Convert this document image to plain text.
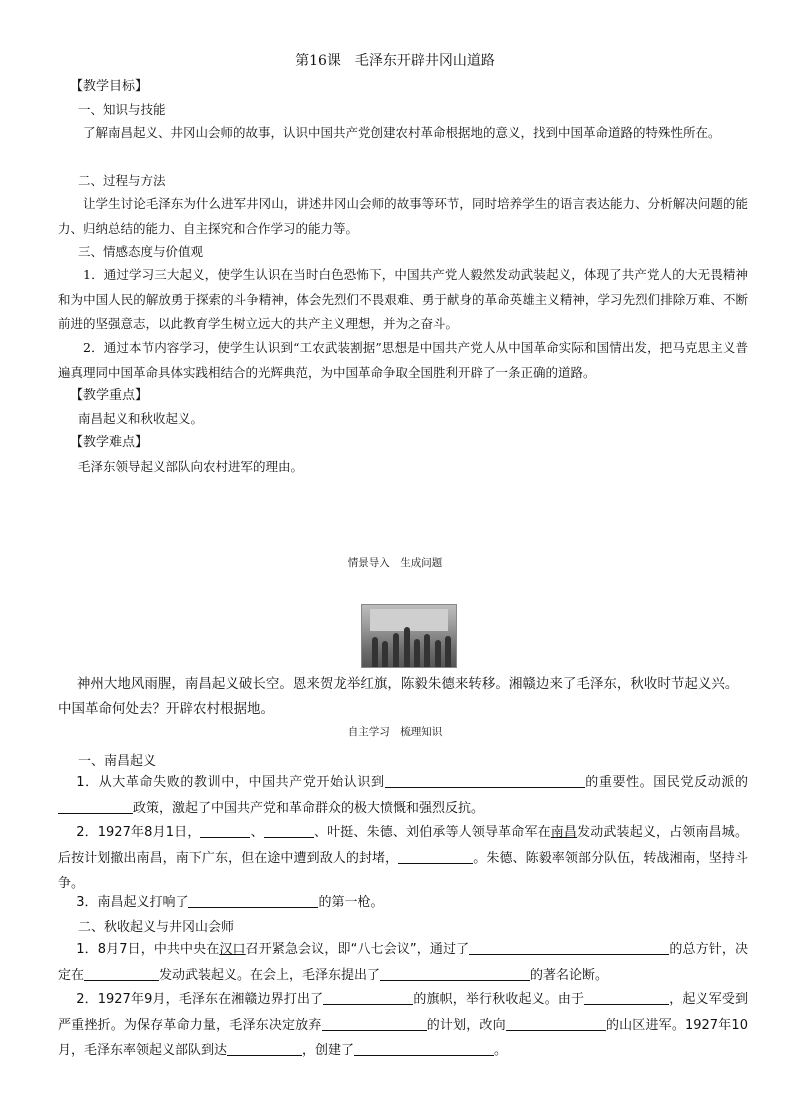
第16课　毛泽东开辟井冈山道路
【教学目标】
一、知识与技能
了解南昌起义、井冈山会师的故事，认识中国共产党创建农村革命根据地的意义，找到中国革命道路的特殊性所在。
二、过程与方法
让学生讨论毛泽东为什么进军井冈山，讲述井冈山会师的故事等环节，同时培养学生的语言表达能力、分析解决问题的能力、归纳总结的能力、自主探究和合作学习的能力等。
三、情感态度与价值观
1．通过学习三大起义，使学生认识在当时白色恐怖下，中国共产党人毅然发动武装起义，体现了共产党人的大无畏精神和为中国人民的解放勇于探索的斗争精神，体会先烈们不畏艰难、勇于献身的革命英雄主义精神，学习先烈们排除万难、不断前进的坚强意志，以此教育学生树立远大的共产主义理想，并为之奋斗。
2．通过本节内容学习，使学生认识到“工农武装割据”思想是中国共产党人从中国革命实际和国情出发，把马克思主义普遍真理同中国革命具体实践相结合的光辉典范，为中国革命争取全国胜利开辟了一条正确的道路。
【教学重点】
南昌起义和秋收起义。
【教学难点】
毛泽东领导起义部队向农村进军的理由。
情景导入　生成问题
神州大地风雨腥，南昌起义破长空。恩来贺龙举红旗，陈毅朱德来转移。湘赣边来了毛泽东，秋收时节起义兴。中国革命何处去？开辟农村根据地。
自主学习　梳理知识
一、南昌起义
1．从大革命失败的教训中，中国共产党开始认识到	的重要性。国民党反动派的政策，激起了中国共产党和革命群众的极大愤慨和强烈反抗。
2．1927年8月1日，	、	、叶挺、朱德、刘伯承等人领导革命军在南昌发动武装起义，占领南昌城。后按计划撤出南昌，南下广东，但在途中遭到敌人的封堵，	。朱德、陈毅率领部分队伍，转战湘南，坚持斗争。
3．南昌起义打响了	的第一枪。
二、秋收起义与井冈山会师
1．8月7日，中共中央在汉口召开紧急会议，即“八七会议”，通过了	的总方针，决定在	发动武装起义。在会上，毛泽东提出了	的著名论断。
2．1927年9月，毛泽东在湘赣边界打出了	的旗帜，举行秋收起义。由于	，起义军受到严重挫折。为保存革命力量，毛泽东决定放弃	的计划，改向	的山区进军。1927年10月，毛泽东率领起义部队到达	，创建了	。
